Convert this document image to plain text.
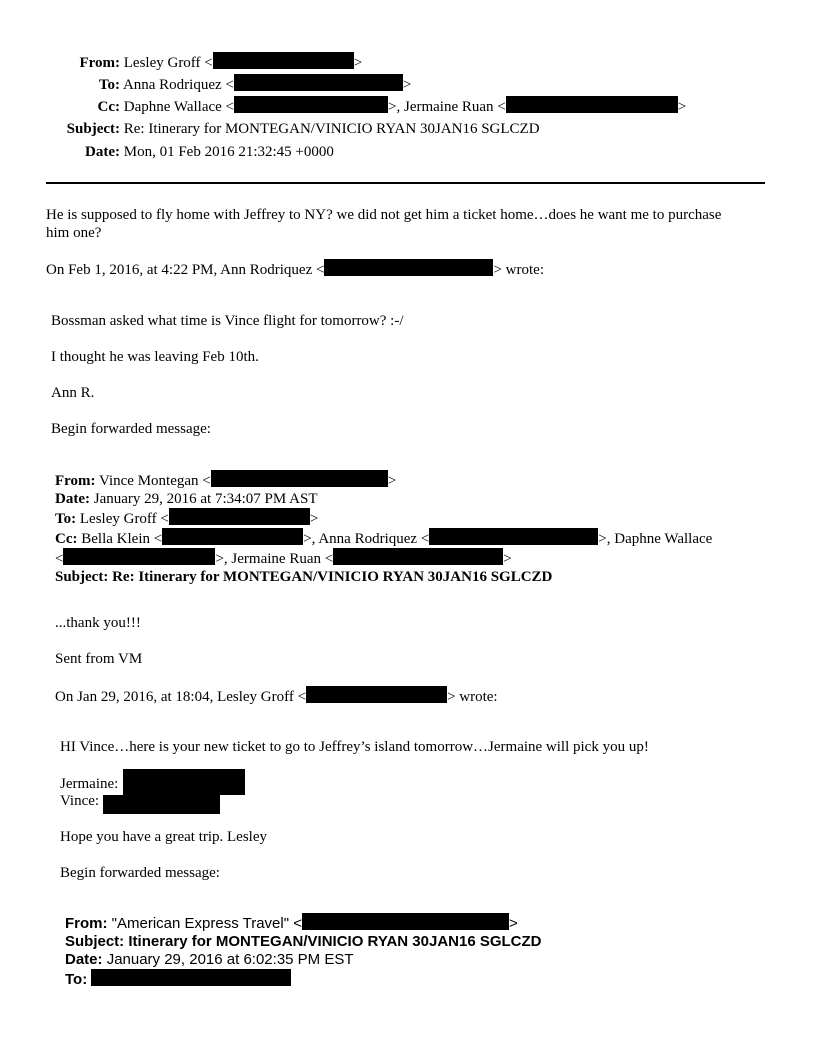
From: Lesley Groff <	>
To: Anna Rodriquez <	>
Cc: Daphne Wallace <	>, Jermaine Ruan <	>
Subject: Re: Itinerary for MONTEGAN/VINICIO RYAN 30JAN16 SGLCZD
Date: Mon, 01 Feb 2016 21:32:45 +0000
He is supposed to fly home with Jeffrey to NY? we did not get him a ticket home…does he want me to purchase
him one?
On Feb 1, 2016, at 4:22 PM, Ann Rodriquez <	> wrote:
Bossman asked what time is Vince flight for tomorrow? :-/
I thought he was leaving Feb 10th.
Ann R.
Begin forwarded message:
From: Vince Montegan <	>
Date: January 29, 2016 at 7:34:07 PM AST
To: Lesley Groff <	>
Cc: Bella Klein <	>, Anna Rodriquez <	>, Daphne Wallace
<	>, Jermaine Ruan <	>
Subject: Re: Itinerary for MONTEGAN/VINICIO RYAN 30JAN16 SGLCZD
...thank you!!!
Sent from VM
On Jan 29, 2016, at 18:04, Lesley Groff <	> wrote:
HI Vince…here is your new ticket to go to Jeffrey’s island tomorrow…Jermaine will pick you up!
Jermaine:
Vince:
Hope you have a great trip. Lesley
Begin forwarded message:
From: "American Express Travel" <	>
Subject: Itinerary for MONTEGAN/VINICIO RYAN 30JAN16 SGLCZD
Date: January 29, 2016 at 6:02:35 PM EST
To:
